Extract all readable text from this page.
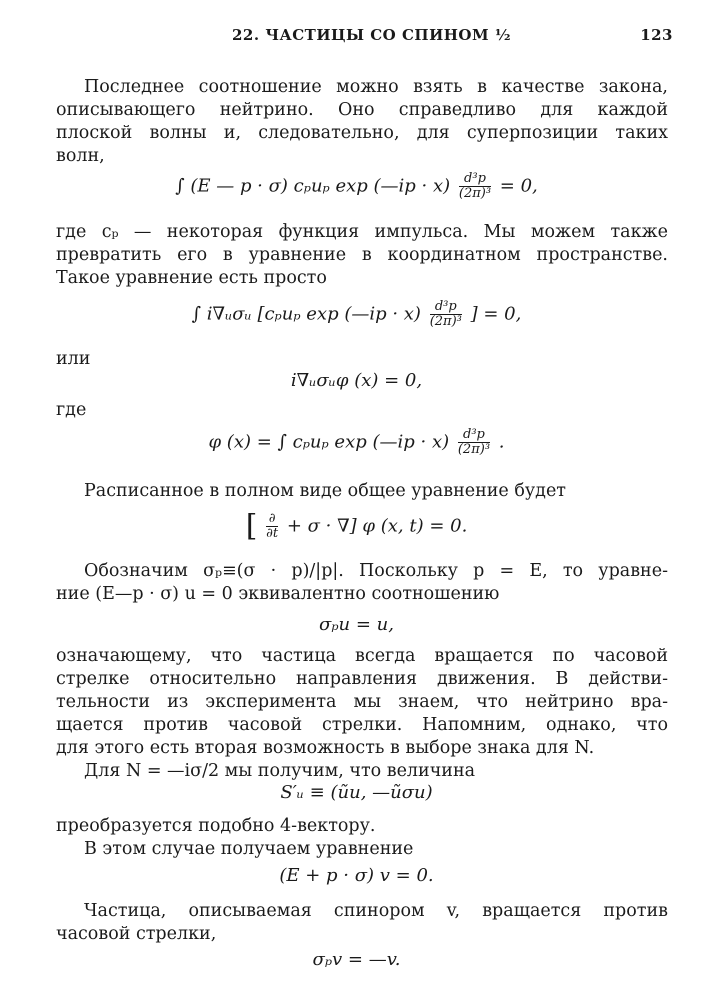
22. ЧАСТИЦЫ СО СПИНОМ ½	123
Последнее соотношение можно взять в качестве закона,
описывающего нейтрино. Оно справедливо для каждой
плоской волны и, следовательно, для суперпозиции таких
волн,
∫ (E — p · σ) cₚuₚ exp (—ip · $x) \frac{\text{d³p}}{\text{(2π)³}} = 0$,
где cₚ — некоторая функция импульса. Мы можем также
превратить его в уравнение в координатном пространстве.
Такое уравнение есть просто
∫ i∇ᵤσᵤ [cₚuₚ exp (—ip · $x) \frac{\text{d³p}}{\text{(2π)³}}$ ] = 0,
или
i∇ᵤσᵤφ (x) = 0,
где
φ (x) = ∫ cₚuₚ exp (—ip · $x) \frac{\text{d³p}}{\text{(2π)³}}$ .
Расписанное в полном виде общее уравнение будет
[ $\frac{\partial}{\partial t} + \sigma$ · ∇] φ (x, t) = 0.
Обозначим σₚ≡(σ · p)/|p|. Поскольку p = E, то уравне-
ние (E—p · σ) u = 0 эквивалентно соотношению
σₚu = u,
означающему, что частица всегда вращается по часовой
стрелке относительно направления движения. В действи-
тельности из эксперимента мы знаем, что нейтрино вра-
щается против часовой стрелки. Напомним, однако, что
для этого есть вторая возможность в выборе знака для N.
Для N = —iσ/2 мы получим, что величина
S′ᵤ ≡ (ũu, —ũσu)
преобразуется подобно 4-вектору.
В этом случае получаем уравнение
(E + p · σ) v = 0.
Частица, описываемая спинором v, вращается против
часовой стрелки,
σₚv = —v.
